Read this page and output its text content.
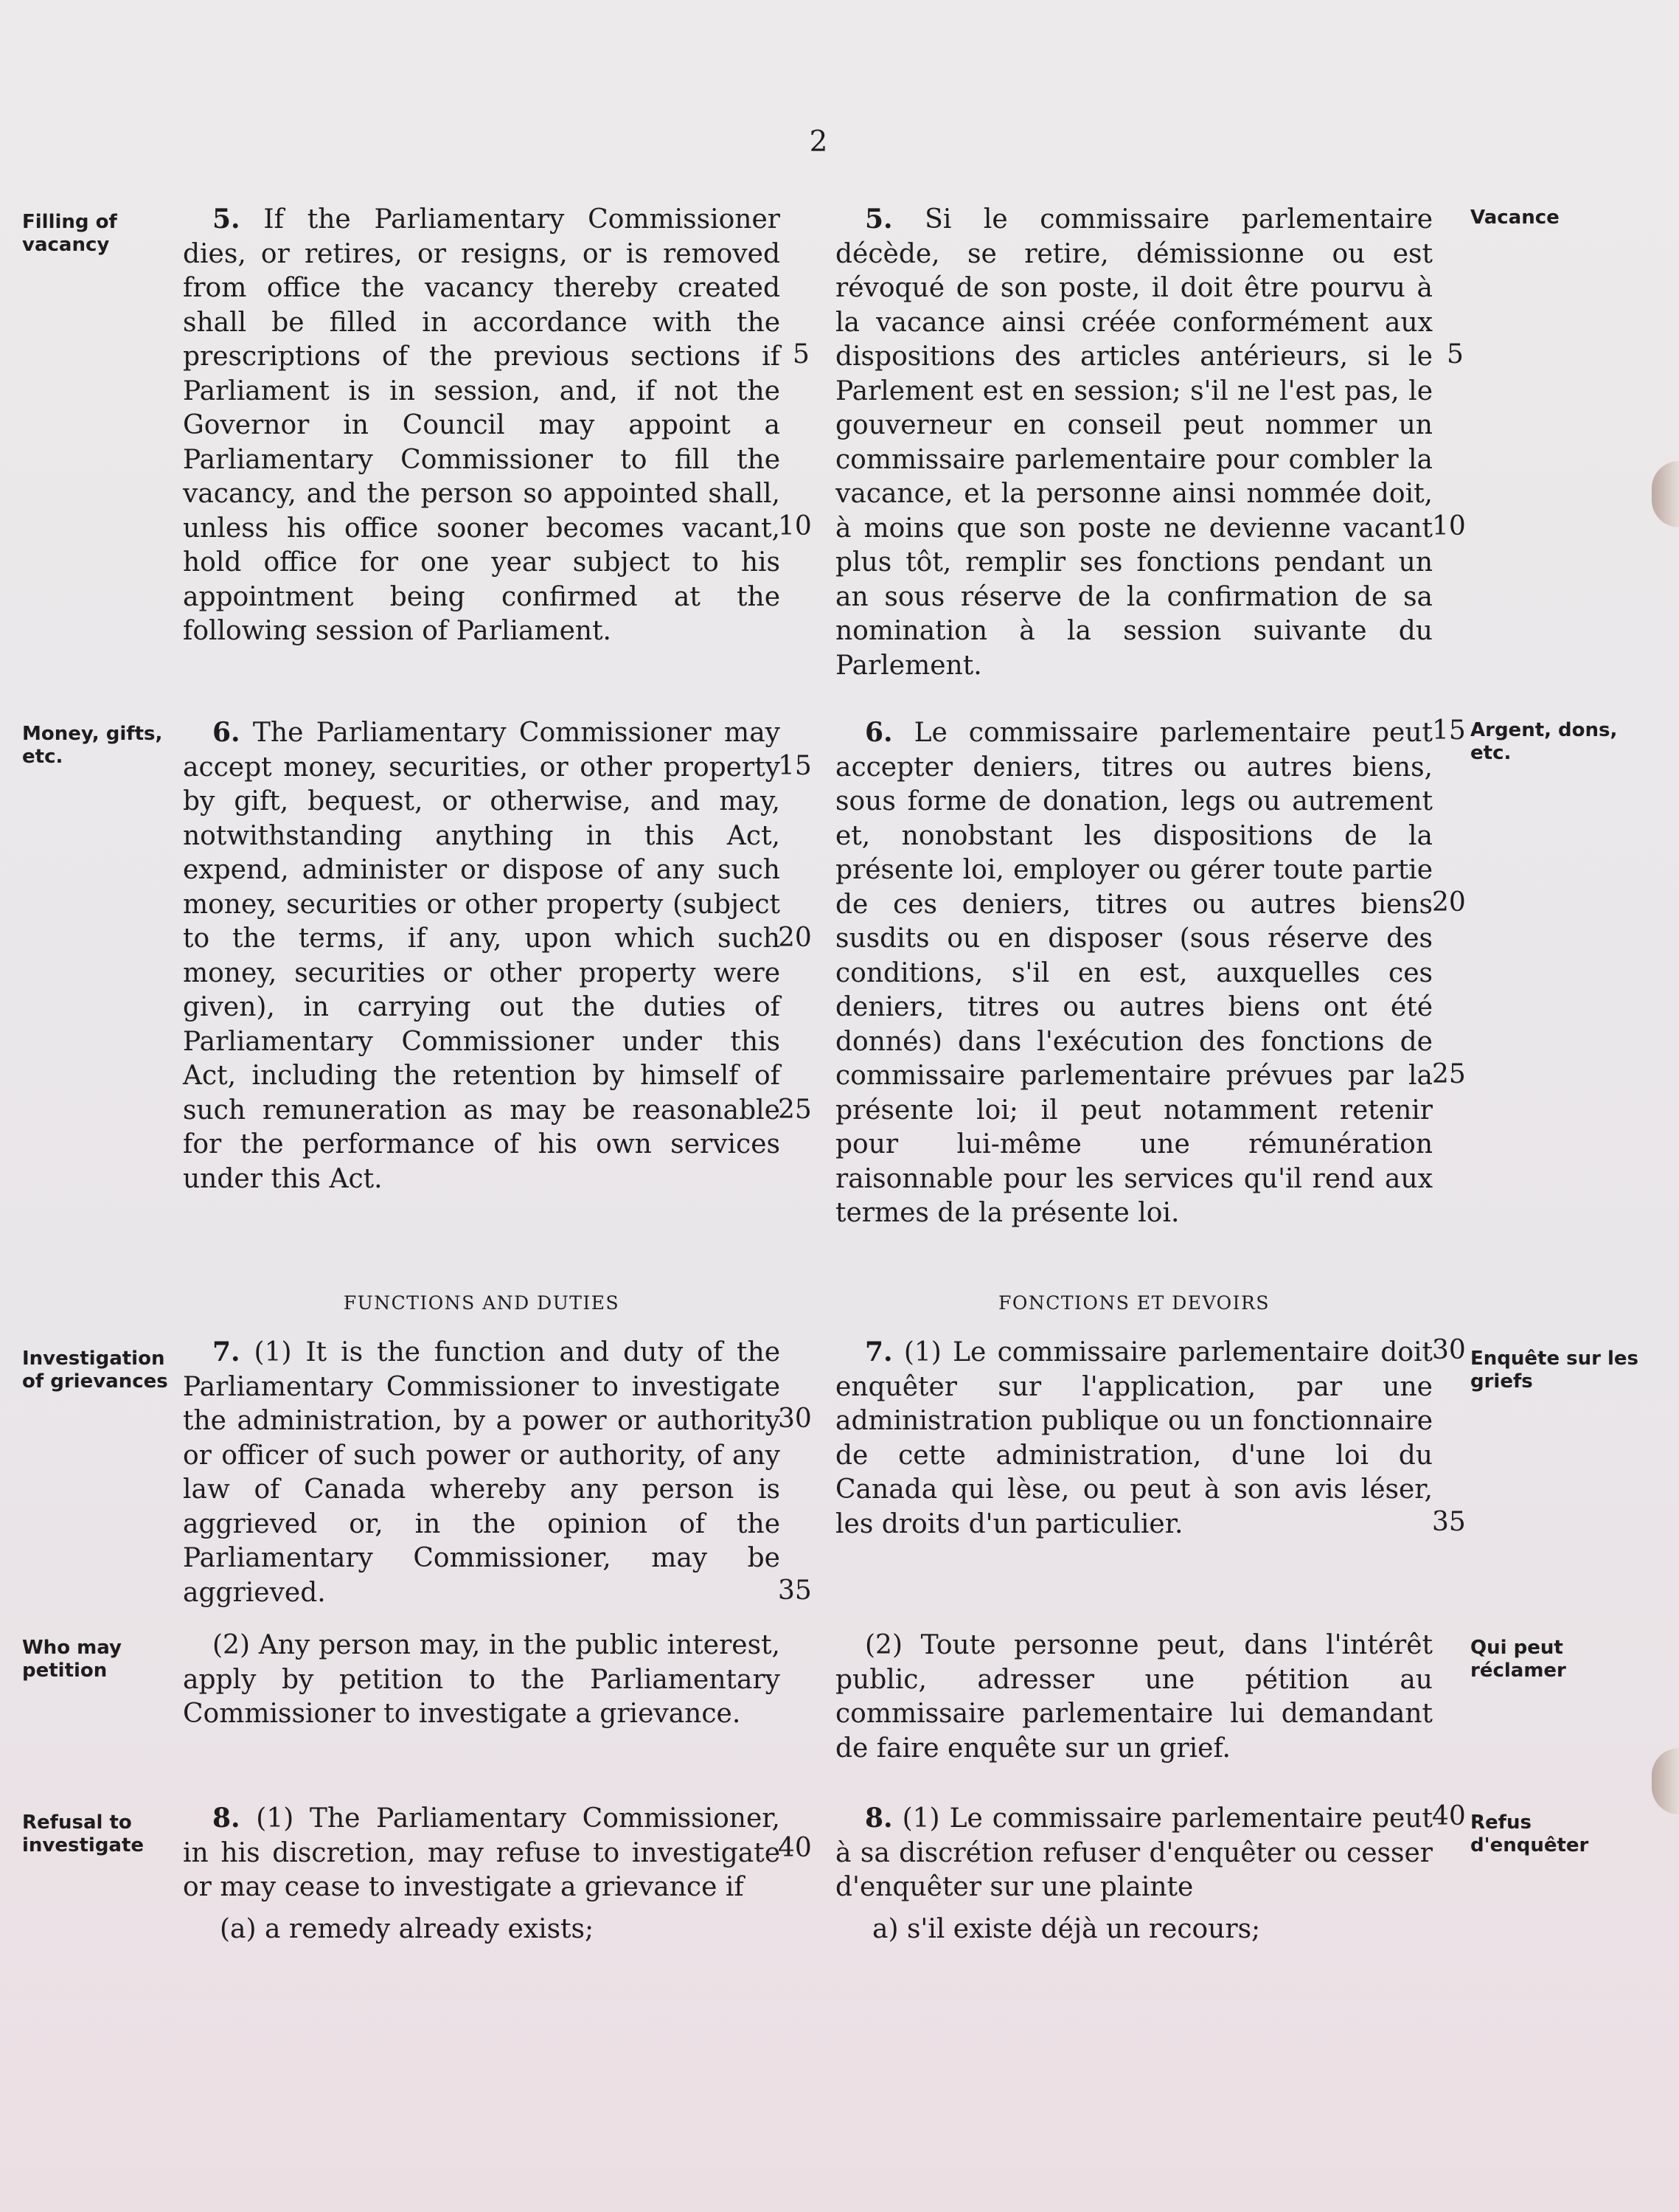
2
Filling of vacancy
Money, gifts, etc.
Investigation of grievances
Who may petition
Refusal to investigate
Vacance
Argent, dons, etc.
Enquête sur les griefs
Qui peut réclamer
Refus d'enquêter

5. If the Parliamentary Commissioner dies, or retires, or resigns, or is removed from office the vacancy thereby created shall be filled in accordance with the prescriptions of the previous sections if Parliament is in session, and, if not the Governor in Council may appoint a Parliamentary Commissioner to fill the vacancy, and the person so appointed shall, unless his office sooner becomes vacant, hold office for one year subject to his appointment being confirmed at the following session of Parliament.

6. The Parliamentary Commissioner may accept money, securities, or other property by gift, bequest, or otherwise, and may, notwithstanding anything in this Act, expend, administer or dispose of any such money, securities or other property (subject to the terms, if any, upon which such money, securities or other property were given), in carrying out the duties of Parliamentary Commissioner under this Act, including the retention by himself of such remuneration as may be reasonable for the performance of his own services under this Act.

FUNCTIONS AND DUTIES

7. (1) It is the function and duty of the Parliamentary Commissioner to investigate the administration, by a power or authority or officer of such power or authority, of any law of Canada whereby any person is aggrieved or, in the opinion of the Parliamentary Commissioner, may be aggrieved.

(2) Any person may, in the public interest, apply by petition to the Parliamentary Commissioner to investigate a grievance.

8. (1) The Parliamentary Commissioner, in his discretion, may refuse to investigate or may cease to investigate a grievance if

(a) a remedy already exists;

5. Si le commissaire parlementaire décède, se retire, démissionne ou est révoqué de son poste, il doit être pourvu à la vacance ainsi créée conformément aux dispositions des articles antérieurs, si le Parlement est en session; s'il ne l'est pas, le gouverneur en conseil peut nommer un commissaire parlementaire pour combler la vacance, et la personne ainsi nommée doit, à moins que son poste ne devienne vacant plus tôt, remplir ses fonctions pendant un an sous réserve de la confirmation de sa nomination à la session suivante du Parlement.

6. Le commissaire parlementaire peut accepter deniers, titres ou autres biens, sous forme de donation, legs ou autrement et, nonobstant les dispositions de la présente loi, employer ou gérer toute partie de ces deniers, titres ou autres biens susdits ou en disposer (sous réserve des conditions, s'il en est, auxquelles ces deniers, titres ou autres biens ont été donnés) dans l'exécution des fonctions de commissaire parlementaire prévues par la présente loi; il peut notamment retenir pour lui-même une rémunération raisonnable pour les services qu'il rend aux termes de la présente loi.

FONCTIONS ET DEVOIRS

7. (1) Le commissaire parlementaire doit enquêter sur l'application, par une administration publique ou un fonctionnaire de cette administration, d'une loi du Canada qui lèse, ou peut à son avis léser, les droits d'un particulier.

(2) Toute personne peut, dans l'intérêt public, adresser une pétition au commissaire parlementaire lui demandant de faire enquête sur un grief.

8. (1) Le commissaire parlementaire peut à sa discrétion refuser d'enquêter ou cesser d'enquêter sur une plainte

a) s'il existe déjà un recours;

5
10
15
20
25
30
35
40
5
10
15
20
25
30
35
40
